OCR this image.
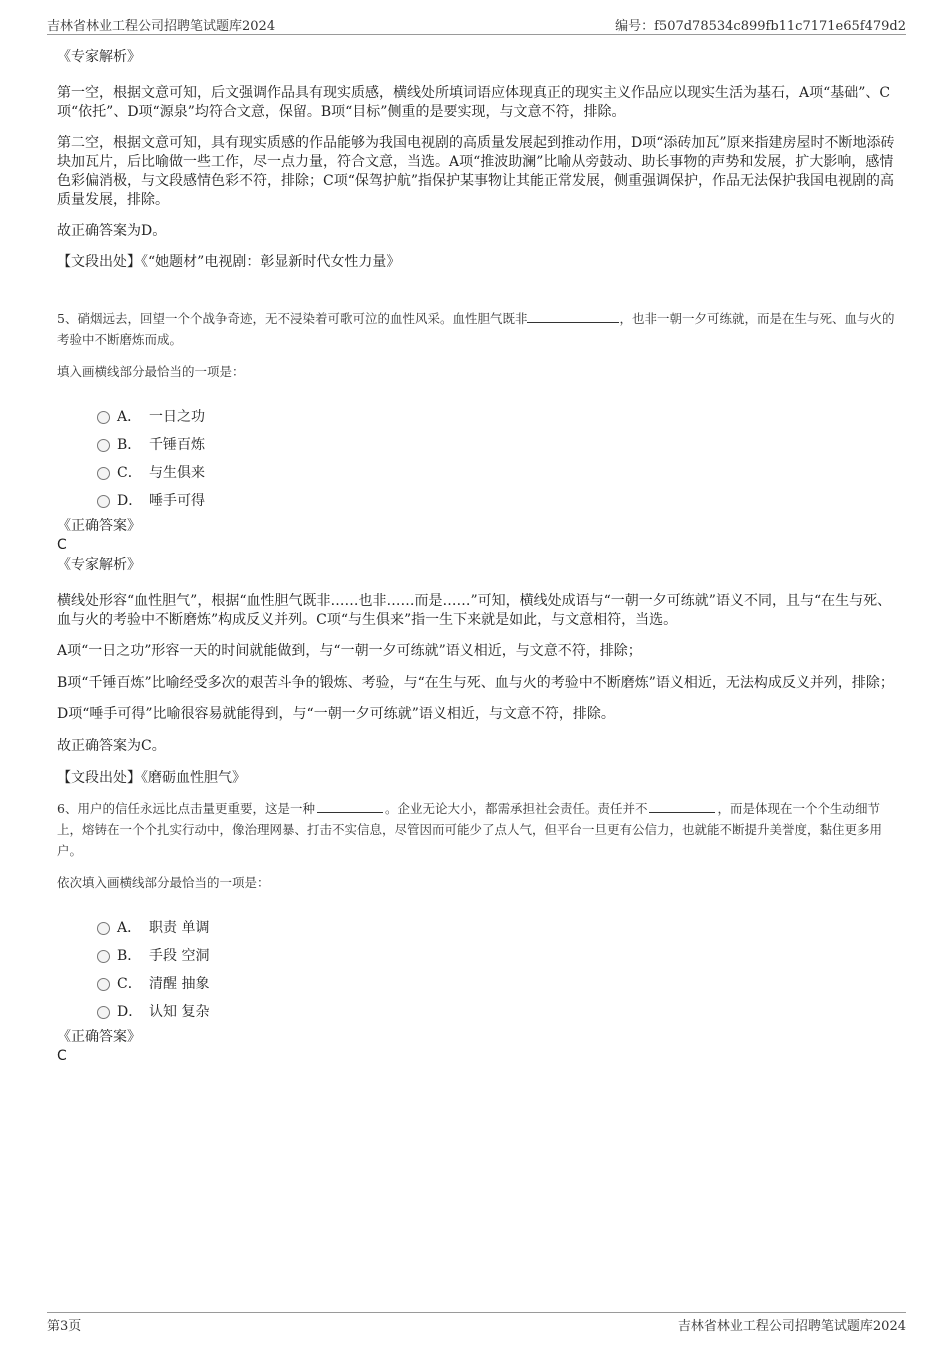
吉林省林业工程公司招聘笔试题库2024	编号：f507d78534c899fb11c7171e65f479d2

《专家解析》

第一空，根据文意可知，后文强调作品具有现实质感，横线处所填词语应体现真正的现实主义作品应以现实生活为基石，A项“基础”、C项“依托”、D项“源泉”均符合文意，保留。B项“目标”侧重的是要实现，与文意不符，排除。

第二空，根据文意可知，具有现实质感的作品能够为我国电视剧的高质量发展起到推动作用，D项“添砖加瓦”原来指建房屋时不断地添砖块加瓦片，后比喻做一些工作，尽一点力量，符合文意，当选。A项“推波助澜”比喻从旁鼓动、助长事物的声势和发展，扩大影响，感情色彩偏消极，与文段感情色彩不符，排除；C项“保驾护航”指保护某事物让其能正常发展，侧重强调保护，作品无法保护我国电视剧的高质量发展，排除。

故正确答案为D。

【文段出处】《“她题材”电视剧：彰显新时代女性力量》

5、硝烟远去，回望一个个战争奇迹，无不浸染着可歌可泣的血性风采。血性胆气既非	，也非一朝一夕可练就，而是在生与死、血与火的考验中不断磨炼而成。

填入画横线部分最恰当的一项是：

A． 一日之功
B． 千锤百炼
C． 与生俱来
D． 唾手可得

《正确答案》

C

《专家解析》

横线处形容“血性胆气”，根据“血性胆气既非……也非……而是……”可知，横线处成语与“一朝一夕可练就”语义不同，且与“在生与死、血与火的考验中不断磨炼”构成反义并列。C项“与生俱来”指一生下来就是如此，与文意相符，当选。

A项“一日之功”形容一天的时间就能做到，与“一朝一夕可练就”语义相近，与文意不符，排除；

B项“千锤百炼”比喻经受多次的艰苦斗争的锻炼、考验，与“在生与死、血与火的考验中不断磨炼”语义相近，无法构成反义并列，排除；

D项“唾手可得”比喻很容易就能得到，与“一朝一夕可练就”语义相近，与文意不符，排除。

故正确答案为C。

【文段出处】《磨砺血性胆气》

6、用户的信任永远比点击量更重要，这是一种	。企业无论大小，都需承担社会责任。责任并不	，而是体现在一个个生动细节上，熔铸在一个个扎实行动中，像治理网暴、打击不实信息，尽管因而可能少了点人气，但平台一旦更有公信力，也就能不断提升美誉度，黏住更多用户。

依次填入画横线部分最恰当的一项是：

A． 职责 单调
B． 手段 空洞
C． 清醒 抽象
D． 认知 复杂

《正确答案》

C

第3页	吉林省林业工程公司招聘笔试题库2024
